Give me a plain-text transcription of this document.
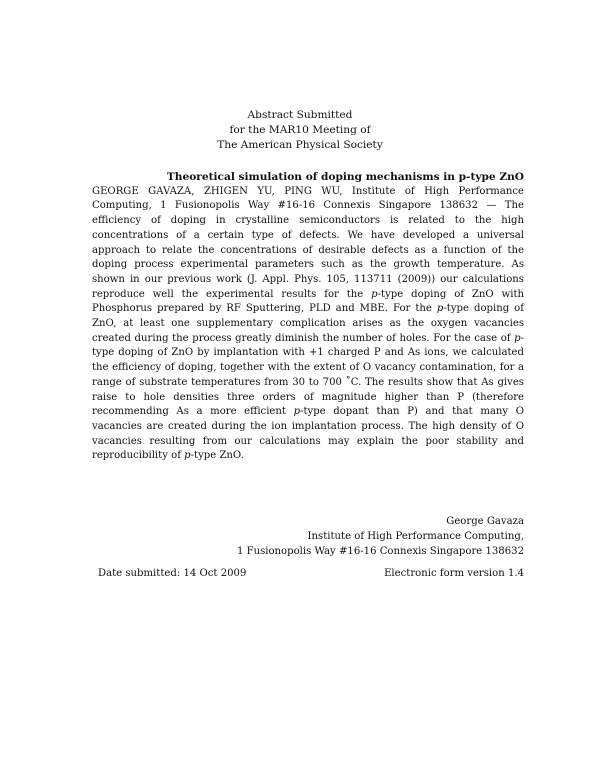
Abstract Submitted
for the MAR10 Meeting of
The American Physical Society

Theoretical simulation of doping mechanisms in p-type ZnO

GEORGE GAVAZA, ZHIGEN YU, PING WU, Institute of High Performance Computing, 1 Fusionopolis Way #16-16 Connexis Singapore 138632 — The efficiency of doping in crystalline semiconductors is related to the high concentrations of a certain type of defects. We have developed a universal approach to relate the concentrations of desirable defects as a function of the doping process experimental parameters such as the growth temperature. As shown in our previous work (J. Appl. Phys. 105, 113711 (2009)) our calculations reproduce well the experimental results for the p-type doping of ZnO with Phosphorus prepared by RF Sputtering, PLD and MBE. For the p-type doping of ZnO, at least one supplementary complication arises as the oxygen vacancies created during the process greatly diminish the number of holes. For the case of p-type doping of ZnO by implantation with +1 charged P and As ions, we calculated the efficiency of doping, together with the extent of O vacancy contamination, for a range of substrate temperatures from 30 to 700 ˚C. The results show that As gives raise to hole densities three orders of magnitude higher than P (therefore recommending As a more efficient p-type dopant than P) and that many O vacancies are created during the ion implantation process. The high density of O vacancies resulting from our calculations may explain the poor stability and reproducibility of p-type ZnO.

George Gavaza
Institute of High Performance Computing,
1 Fusionopolis Way #16-16 Connexis Singapore 138632
Date submitted: 14 Oct 2009	Electronic form version 1.4
